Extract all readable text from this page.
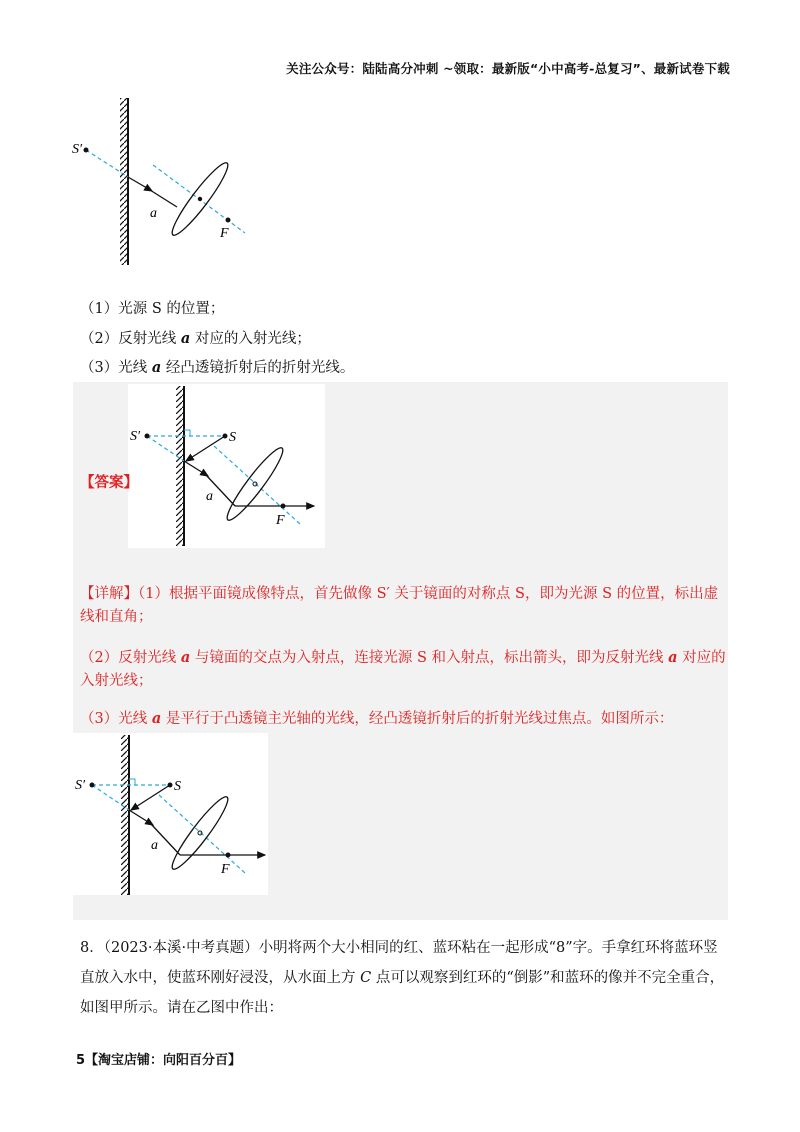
关注公众号：陆陆高分冲刺 ~领取：最新版“小中高考-总复习”、最新试卷下载
S′
a
F
（1）光源 S 的位置；
（2）反射光线 a 对应的入射光线；
（3）光线 a 经凸透镜折射后的折射光线。
S′	S
a
F
【答案】
【详解】（1）根据平面镜成像特点，首先做像 S′ 关于镜面的对称点 S，即为光源 S 的位置，标出虚线和直角；
（2）反射光线 a 与镜面的交点为入射点，连接光源 S 和入射点，标出箭头，即为反射光线 a 对应的入射光线；
（3）光线 a 是平行于凸透镜主光轴的光线，经凸透镜折射后的折射光线过焦点。如图所示：
S′	S
a
F
8．（2023·本溪·中考真题）小明将两个大小相同的红、蓝环粘在一起形成“8”字。手拿红环将蓝环竖直放入水中，使蓝环刚好浸没，从水面上方 C 点可以观察到红环的“倒影”和蓝环的像并不完全重合，如图甲所示。请在乙图中作出：
5【淘宝店铺：向阳百分百】
